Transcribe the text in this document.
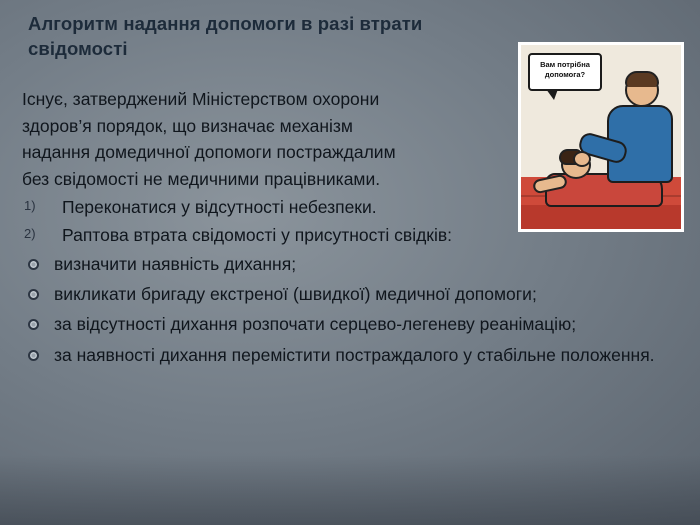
Алгоритм надання допомоги в разі втрати свідомості
Існує, затверджений Міністерством охорони
здоров’я порядок, що визначає механізм
надання домедичної допомоги постраждалим
без свідомості не медичними працівниками.
1) Переконатися у відсутності небезпеки.
2) Раптова втрата свідомості у присутності свідків:
визначити наявність дихання;
викликати бригаду екстреної (швидкої) медичної допомоги;
за відсутності дихання розпочати серцево-легеневу реанімацію;
за наявності дихання перемістити постраждалого у стабільне положення.
Вам потрібна допомога?
